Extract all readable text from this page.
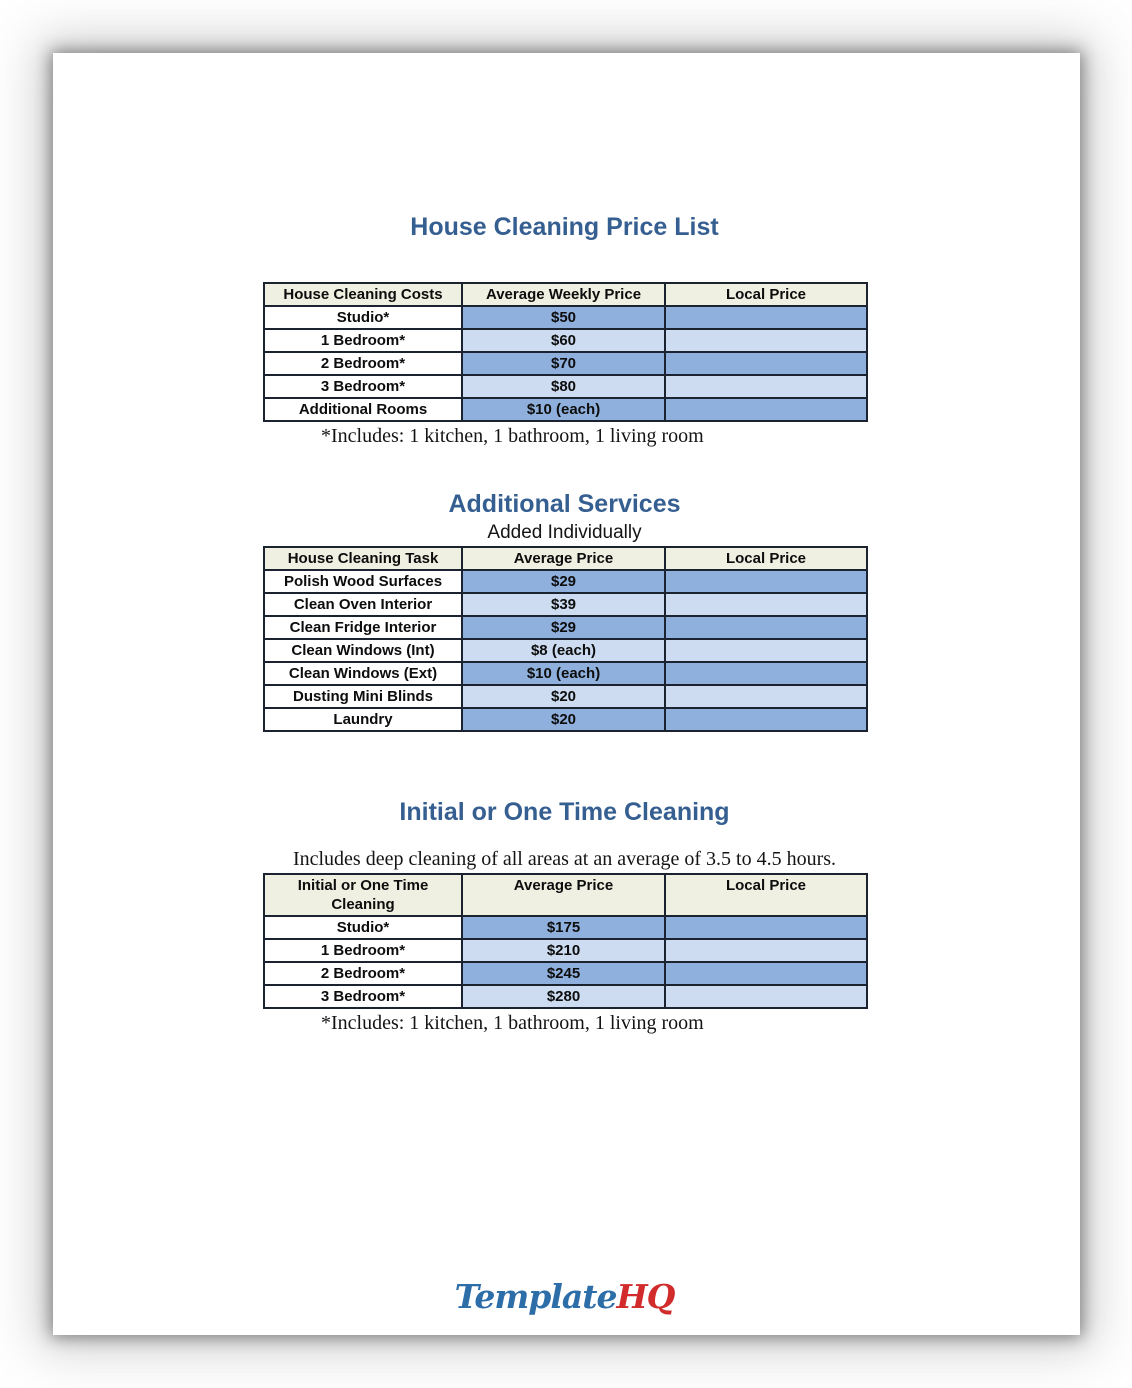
House Cleaning Price List
House Cleaning Costs	Average Weekly Price	Local Price
Studio*	$50	
1 Bedroom*	$60	
2 Bedroom*	$70	
3 Bedroom*	$80	
Additional Rooms	$10 (each)	

*Includes: 1 kitchen, 1 bathroom, 1 living room

Additional Services

Added Individually

House Cleaning Task	Average Price	Local Price
Polish Wood Surfaces	$29	
Clean Oven Interior	$39	
Clean Fridge Interior	$29	
Clean Windows (Int)	$8 (each)	
Clean Windows (Ext)	$10 (each)	
Dusting Mini Blinds	$20	
Laundry	$20	
Initial or One Time Cleaning

Includes deep cleaning of all areas at an average of 3.5 to 4.5 hours.

Initial or One Time Cleaning	Average Price	Local Price
Studio*	$175	
1 Bedroom*	$210	
2 Bedroom*	$245	
3 Bedroom*	$280	

*Includes: 1 kitchen, 1 bathroom, 1 living room

TemplateHQ
